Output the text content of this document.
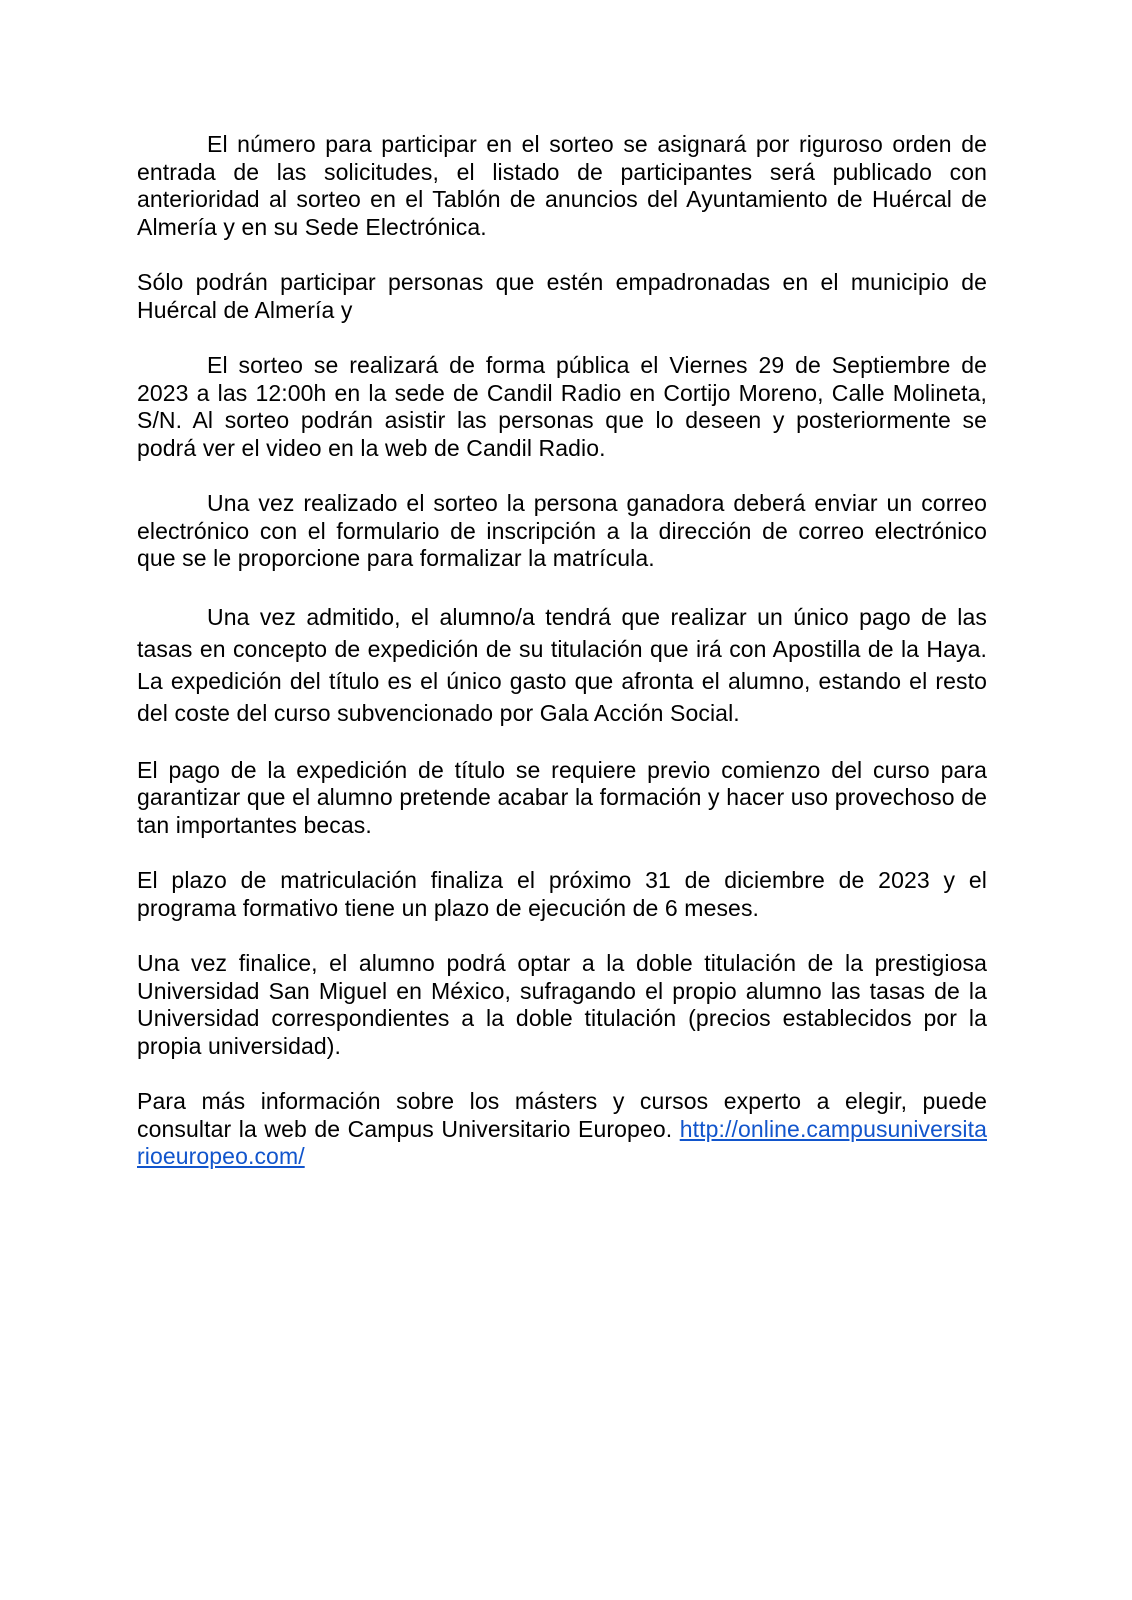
El número para participar en el sorteo se asignará por riguroso orden de entrada de las solicitudes, el listado de participantes será publicado con anterioridad al sorteo en el Tablón de anuncios del Ayuntamiento de Huércal de Almería y en su Sede Electrónica.

Sólo podrán participar personas que estén empadronadas en el municipio de Huércal de Almería y

El sorteo se realizará de forma pública el Viernes 29 de Septiembre de 2023 a las 12:00h en la sede de Candil Radio en Cortijo Moreno, Calle Molineta, S/N. Al sorteo podrán asistir las personas que lo deseen y posteriormente se podrá ver el video en la web de Candil Radio.

Una vez realizado el sorteo la persona ganadora deberá enviar un correo electrónico con el formulario de inscripción a la dirección de correo electrónico que se le proporcione para formalizar la matrícula.

Una vez admitido, el alumno/a tendrá que realizar un único pago de las tasas en concepto de expedición de su titulación que irá con Apostilla de la Haya. La expedición del título es el único gasto que afronta el alumno, estando el resto del coste del curso subvencionado por Gala Acción Social.

El pago de la expedición de título se requiere previo comienzo del curso para garantizar que el alumno pretende acabar la formación y hacer uso provechoso de tan importantes becas.

El plazo de matriculación finaliza el próximo 31 de diciembre de 2023 y el programa formativo tiene un plazo de ejecución de 6 meses.

Una vez finalice, el alumno podrá optar a la doble titulación de la prestigiosa Universidad San Miguel en México, sufragando el propio alumno las tasas de la Universidad correspondientes a la doble titulación (precios establecidos por la propia universidad).

Para más información sobre los másters y cursos experto a elegir, puede consultar la web de Campus Universitario Europeo. http://online.campusuniversitarioeuropeo.com/
